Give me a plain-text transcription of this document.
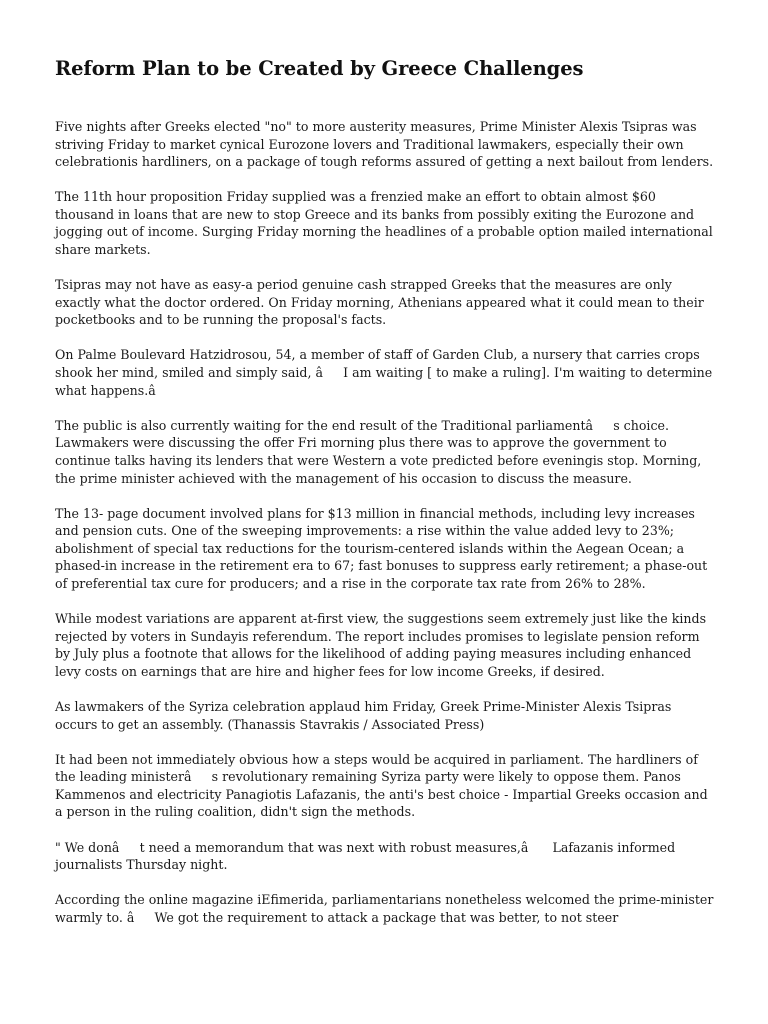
Reform Plan to be Created by Greece Challenges

Five nights after Greeks elected "no" to more austerity measures, Prime Minister Alexis Tsipras was striving Friday to market cynical Eurozone lovers and Traditional lawmakers, especially their own celebrationis hardliners, on a package of tough reforms assured of getting a next bailout from lenders.

The 11th hour proposition Friday supplied was a frenzied make an effort to obtain almost $60 thousand in loans that are new to stop Greece and its banks from possibly exiting the Eurozone and jogging out of income. Surging Friday morning the headlines of a probable option mailed international share markets.

Tsipras may not have as easy-a period genuine cash strapped Greeks that the measures are only exactly what the doctor ordered. On Friday morning, Athenians appeared what it could mean to their pocketbooks and to be running the proposal's facts.

On Palme Boulevard Hatzidrosou, 54, a member of staff of Garden Club, a nursery that carries crops shook her mind, smiled and simply said, âI am waiting [ to make a ruling]. I'm waiting to determine what happens.â

The public is also currently waiting for the end result of the Traditional parliamentâs choice. Lawmakers were discussing the offer Fri morning plus there was to approve the government to continue talks having its lenders that were Western a vote predicted before eveningis stop. Morning, the prime minister achieved with the management of his occasion to discuss the measure.

The 13- page document involved plans for $13 million in financial methods, including levy increases and pension cuts. One of the sweeping improvements: a rise within the value added levy to 23%; abolishment of special tax reductions for the tourism-centered islands within the Aegean Ocean; a phased-in increase in the retirement era to 67; fast bonuses to suppress early retirement; a phase-out of preferential tax cure for producers; and a rise in the corporate tax rate from 26% to 28%.

While modest variations are apparent at-first view, the suggestions seem extremely just like the kinds rejected by voters in Sundayis referendum. The report includes promises to legislate pension reform by July plus a footnote that allows for the likelihood of adding paying measures including enhanced levy costs on earnings that are hire and higher fees for low income Greeks, if desired.

As lawmakers of the Syriza celebration applaud him Friday, Greek Prime-Minister Alexis Tsipras occurs to get an assembly. (Thanassis Stavrakis / Associated Press)

It had been not immediately obvious how a steps would be acquired in parliament. The hardliners of the leading ministerâs revolutionary remaining Syriza party were likely to oppose them. Panos Kammenos and electricity Panagiotis Lafazanis, the anti's best choice - Impartial Greeks occasion and a person in the ruling coalition, didn't sign the methods.

" We donât need a memorandum that was next with robust measures,â Lafazanis informed journalists Thursday night.

According the online magazine iEfimerida, parliamentarians nonetheless welcomed the prime-minister warmly to. âWe got the requirement to attack a package that was better, to not steer
